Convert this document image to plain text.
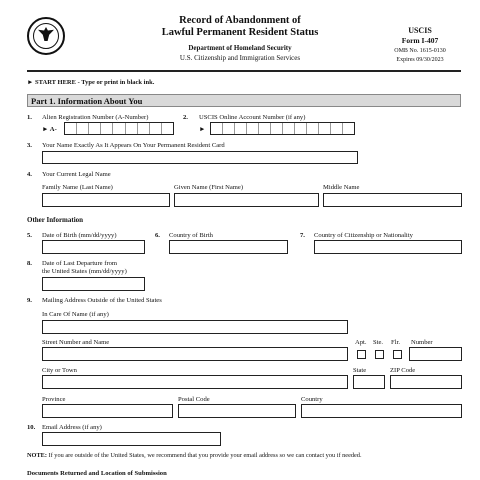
Record of Abandonment of
Lawful Permanent Resident Status
Department of Homeland Security
U.S. Citizenship and Immigration Services
USCIS
Form I-407
OMB No. 1615-0130
Expires 09/30/2023
► START HERE - Type or print in black ink.
Part 1. Information About You
1. Alien Registration Number (A-Number)
► A-
2. USCIS Online Account Number (if any)
►
3. Your Name Exactly As It Appears On Your Permanent Resident Card
4. Your Current Legal Name
Family Name (Last Name)	Given Name (First Name)	Middle Name
Other Information
5. Date of Birth (mm/dd/yyyy)	6. Country of Birth	7. Country of Citizenship or Nationality
8. Date of Last Departure from
the United States (mm/dd/yyyy)
9. Mailing Address Outside of the United States
In Care Of Name (if any)
Street Number and Name	Apt. Ste. Flr. Number
City or Town	State	ZIP Code
Province	Postal Code	Country
10. Email Address (if any)
NOTE: If you are outside of the United States, we recommend that you provide your email address so we can contact you if needed.
Documents Returned and Location of Submission
